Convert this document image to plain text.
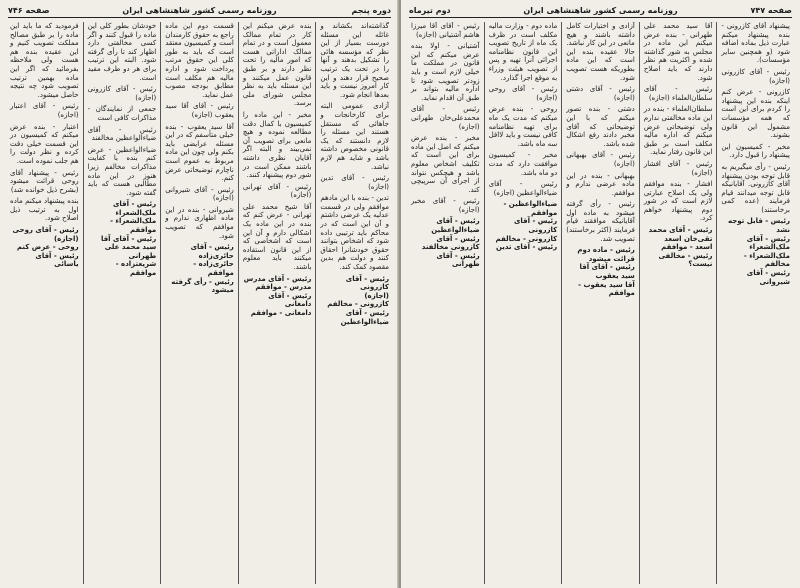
دوره پنجم
روزنامه رسمی کشور شاهنشاهی ایران
صفحه ۷۴۶

گذاشته‌اند بکشاند و غائله این مسئله دورست بسیار از این نظر که مؤسسه هائی را تشکیل بدهند و آنها را در تحت یک ترتیب صحیح قرار دهند و این کار امروز نیست و باید بعدها انجام شود.

آزادی عمومی البته برای کارخانجات و جاهائی که مستقل هستند این مسئله را لازم دانستند که یک قانونی مخصوص داشته باشد و شاید هم لازم نباشد.

رئیس - آقای تدین (اجازه)

تدین - بنده با این مادهم موافقم ولی در قسمت عدلیه یک عرضی داشتم و آن این است که در محاکم باید ترتیبی داده شود که اشخاص بتوانند حقوق خودشانرا احقاق کنند و دولت هم بدین مقصود کمک کند.

رئیس - آقای کازرونی
(اجازه)
کازرونی - مخالفم
رئیس - آقای ضیاءالواعظین

بنده عرض میکنم این کار در تمام ممالک معمول است و در تمام ممالک اداراتی هست که امور مالیه را تحت نظر دارند و بر طبق قانون عمل میکنند و این مسئله باید به نظر مجلس شورای ملی برسد.

مخبر - این ماده را کمیسیون با کمال دقت مطالعه نموده و هیچ مانعی برای تصویب آن نمی‌بیند و البته اگر آقایان نظری داشته باشند ممکن است در شور دوم پیشنهاد کنند.

رئیس - آقای تهرانی (اجازه)

آقا شیخ محمد علی تهرانی - عرض کنم که بنده در این ماده یک اشکالی دارم و آن این است که اشخاصی که از این قانون استفاده میکنند باید معلوم باشند.

رئیس - آقای مدرس
مدرس - موافقم
رئیس - آقای دامغانی
دامغانی - موافقم

قسمت دوم این ماده راجع به حقوق کارمندان است و کمیسیون معتقد است که باید به طور کلی این حقوق مرتب پرداخت شود و اداره مالیه هم مکلف است مطابق بودجه مصوب عمل نماید.

رئیس - آقای آقا سید یعقوب (اجازه)

آقا سید یعقوب - بنده خیلی متأسفم که در این مسئله عرایضی باید بکنم ولی چون این ماده مربوط به عموم است ناچارم توضیحاتی عرض کنم.

رئیس - آقای شیروانی (اجازه)

شیروانی - بنده در این ماده اظهاری ندارم و موافقم که تصویب شود.

رئیس - آقای حائری‌زاده
حائری‌زاده - موافقم
رئیس - رأی گرفته میشود

خودشان بطور کلی این ماده را قبول کنند و اگر کسی مخالفتی دارد اظهار کند تا رأی گرفته شود. البته این ترتیب برای هر دو طرف مفید است.

رئیس - آقای کازرونی (اجازه)

جمعی از نمایندگان - مذاکرات کافی است

رئیس - آقای ضیاءالواعظین مخالفند

ضیاءالواعظین - عرض کنم بنده با کفایت مذاکرات مخالفم زیرا هنوز در این ماده مطالبی هست که باید گفته شود.

رئیس - آقای ملک‌الشعراء
ملک‌الشعراء - موافقم
رئیس - آقای آقا سید محمد علی طهرانی
شریعتزاده - موافقم

فرمودید که ما باید این ماده را بر طبق مصالح مملکت تصویب کنیم و این عقیده بنده هم هست ولی ملاحظه بفرمائید که اگر این ماده بهمین ترتیب تصویب شود چه نتیجه حاصل میشود.

رئیس - آقای اعتبار (اجازه)

اعتبار - بنده عرض میکنم که کمیسیون در این قسمت خیلی دقت کرده و نظر دولت را هم جلب نموده است.

رئیس - پیشنهاد آقای روحی قرائت میشود (بشرح ذیل خوانده شد)

بنده پیشنهاد میکنم ماده اول به ترتیب ذیل اصلاح شود.

رئیس - آقای روحی (اجازه)
روحی - عرض کنم
رئیس - آقای یاسائی
صفحه ۷۴۷
روزنامه رسمی کشور شاهنشاهی ایران
دوم تیرماه

پیشنهاد آقای کازرونی - بنده پیشنهاد میکنم عبارت ذیل بماده اضافه شود (و همچنین سایر مؤسسات).

رئیس - آقای کازرونی (اجازه)

کازرونی - عرض کنم اینکه بنده این پیشنهاد را کردم برای این است که همه مؤسسات مشمول این قانون بشوند.

مخبر - کمیسیون این پیشنهاد را قبول دارد.

رئیس - رأی میگیریم به قابل توجه بودن پیشنهاد آقای کازرونی. آقایانیکه قابل توجه میدانند قیام فرمایند (عده کمی برخاستند)

رئیس - قابل توجه نشد
رئیس - آقای ملک‌الشعراء
ملک‌الشعراء - مخالفم
رئیس - آقای شیروانی

آقا سید محمد علی طهرانی - بنده عرض میکنم این ماده در مجلس به شور گذاشته شده و اکثریت هم نظر دارند که باید اصلاح شود.

رئیس - آقای سلطان‌العلماء (اجازه)

سلطان‌العلماء - بنده در این ماده مخالفتی ندارم ولی توضیحاتی عرض میکنم که اداره مالیه مکلف است بر طبق این قانون رفتار نماید.

رئیس - آقای افشار (اجازه)

افشار - بنده موافقم ولی یک اصلاح عبارتی لازم است که در شور دوم پیشنهاد خواهم کرد.

رئیس - آقای محمد تقی‌خان اسعد
اسعد - موافقم
رئیس - مخالفی نیست؟

آزادی و اختیارات کامل داشته باشند و هیچ مانعی در این کار نباشد. حالا عقیده بنده این است که این ماده بطوریکه هست تصویب شود.

رئیس - آقای دشتی (اجازه)

دشتی - بنده تصور میکنم که با این توضیحاتی که آقای مخبر دادند رفع اشکال شده باشد.

رئیس - آقای بهبهانی (اجازه)

بهبهانی - بنده در این ماده عرضی ندارم و موافقم.

رئیس - رأی گرفته میشود به ماده اول آقایانیکه موافقند قیام فرمایند (اکثر برخاستند) تصویب شد.

رئیس - ماده دوم قرائت میشود
رئیس - آقای آقا سید یعقوب
آقا سید یعقوب - موافقم

ماده دوم - وزارت مالیه مکلف است در ظرف یک ماه از تاریخ تصویب این قانون نظامنامه اجرائی آنرا تهیه و پس از تصویب هیئت وزراء به موقع اجرا گذارد.

رئیس - آقای روحی (اجازه)

روحی - بنده عرض میکنم که مدت یک ماه برای تهیه نظامنامه کافی نیست و باید لااقل سه ماه باشد.

مخبر - کمیسیون موافقت دارد که مدت دو ماه باشد.

رئیس - آقای ضیاءالواعظین (اجازه)

ضیاءالواعظین - موافقم
رئیس - آقای کازرونی
کازرونی - مخالفم
رئیس - آقای تدین

رئیس - آقای آقا میرزا هاشم آشتیانی (اجازه)

آشتیانی - اولا بنده عرض میکنم که این قانون در مملکت ما خیلی لازم است و باید زودتر تصویب شود تا اداره مالیه بتواند بر طبق آن اقدام نماید.

رئیس - آقای محمدعلی‌خان طهرانی (اجازه)

مخبر - بنده عرض میکنم که اصل این ماده برای این است که تکلیف اشخاص معلوم باشد و هیچکس نتواند از اجرای آن سرپیچی کند.

رئیس - آقای مخبر (اجازه)

رئیس - آقای ضیاءالواعظین
رئیس - آقای کازرونی مخالفند
رئیس - آقای طهرانی
